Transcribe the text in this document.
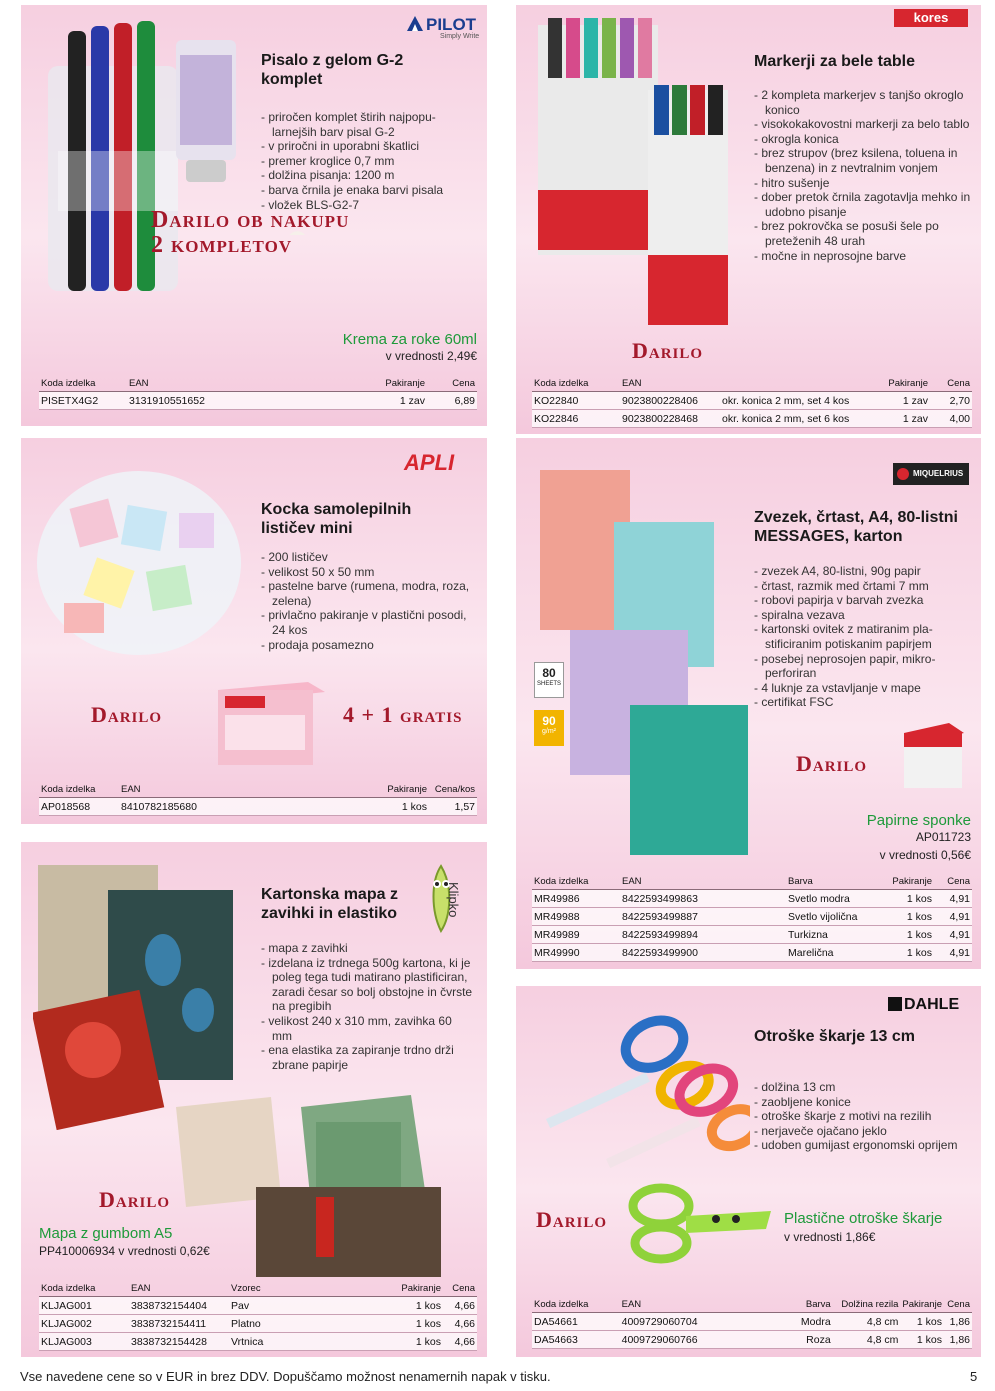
PILOT
Simply Write
Pisalo z gelom G-2
komplet
- priročen komplet štirih najpopu-larnejših barv pisal G-2
- v priročni in uporabni škatlici
- premer kroglice 0,7 mm
- dolžina pisanja: 1200 m
- barva črnila je enaka barvi pisala
- vložek BLS-G2-7
Darilo ob nakupu
2 kompletov
Krema za roke 60ml
v vrednosti 2,49€
Koda izdelka	EAN	Pakiranje	Cena
PISETX4G2	3131910551652	1 zav	6,89
kores
Markerji za bele table
- 2 kompleta markerjev s tanjšo okroglo konico
- visokokakovostni markerji za belo tablo
- okrogla konica
- brez strupov (brez ksilena, toluena in benzena) in z nevtralnim vonjem
- hitro sušenje
- dober pretok črnila zagotavlja mehko in udobno pisanje
- brez pokrovčka se posuši šele po preteženih 48 urah
- močne in neprosojne barve
Darilo
Koda izdelka	EAN		Pakiranje	Cena
KO22840	9023800228406	okr. konica 2 mm, set 4 kos	1 zav	2,70
KO22846	9023800228468	okr. konica 2 mm, set 6 kos	1 zav	4,00
APLI
Kocka samolepilnih
lističev mini
- 200 lističev
- velikost 50 x 50 mm
- pastelne barve (rumena, modra, roza, zelena)
- privlačno pakiranje v plastični posodi, 24 kos
- prodaja posamezno
Darilo	4 + 1 gratis
Koda izdelka	EAN	Pakiranje	Cena/kos
AP018568	8410782185680	1 kos	1,57
MIQUELRIUS
80
SHEETS
90
g/m²
Zvezek, črtast, A4, 80-listni
MESSAGES, karton
- zvezek A4, 80-listni, 90g papir
- črtast, razmik med črtami 7 mm
- robovi papirja v barvah zvezka
- spiralna vezava
- kartonski ovitek z matiranim pla-stificiranim potiskanim papirjem
- posebej neprosojen papir, mikro-perforiran
- 4 luknje za vstavljanje v mape
- certifikat FSC
Darilo
Papirne sponke
AP011723
v vrednosti 0,56€
Koda izdelka	EAN	Barva	Pakiranje	Cena
MR49986	8422593499863	Svetlo modra	1 kos	4,91
MR49988	8422593499887	Svetlo vijolična	1 kos	4,91
MR49989	8422593499894	Turkizna	1 kos	4,91
MR49990	8422593499900	Marelična	1 kos	4,91
Klipko
Kartonska mapa z
zavihki in elastiko
- mapa z zavihki
- izdelana iz trdnega 500g kartona, ki je poleg tega tudi matirano plastificiran, zaradi česar so bolj obstojne in čvrste na pregibih
- velikost 240 x 310 mm, zavihka 60 mm
- ena elastika za zapiranje trdno drži zbrane papirje
Darilo
Mapa z gumbom A5
PP410006934 v vrednosti 0,62€
Koda izdelka	EAN	Vzorec	Pakiranje	Cena
KLJAG001	3838732154404	Pav	1 kos	4,66
KLJAG002	3838732154411	Platno	1 kos	4,66
KLJAG003	3838732154428	Vrtnica	1 kos	4,66
DAHLE
Otroške škarje 13 cm
- dolžina 13 cm
- zaobljene konice
- otroške škarje z motivi na rezilih
- nerjaveče ojačano jeklo
- udoben gumijast ergonomski oprijem
Darilo	Plastične otroške škarje
v vrednosti 1,86€
Koda izdelka	EAN	Barva	Dolžina rezila	Pakiranje	Cena
DA54661	4009729060704	Modra	4,8 cm	1 kos	1,86
DA54663	4009729060766	Roza	4,8 cm	1 kos	1,86
Vse navedene cene so v EUR in brez DDV. Dopuščamo možnost nenamernih napak v tisku.	5
